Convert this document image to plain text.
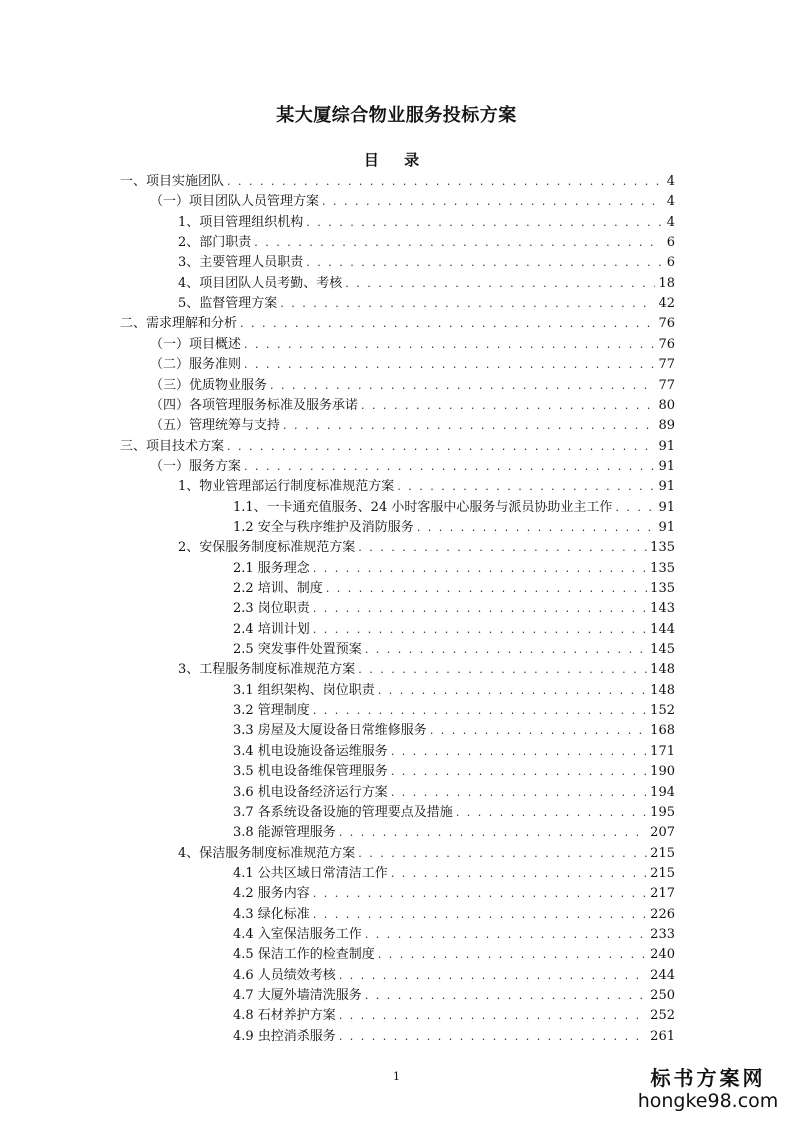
某大厦综合物业服务投标方案
目 录
一、项目实施团队 . . .	4
（一）项目团队人员管理方案 . . .	4
1、项目管理组织机构 . . .	4
2、部门职责 . . .	6
3、主要管理人员职责 . . .	6
4、项目团队人员考勤、考核 . . .	18
5、监督管理方案 . . .	42
二、需求理解和分析 . . .	76
（一）项目概述 . . .	76
（二）服务准则 . . .	77
（三）优质物业服务 . . .	77
（四）各项管理服务标准及服务承诺 . . .	80
（五）管理统筹与支持 . . .	89
三、项目技术方案 . . .	91
（一）服务方案 . . .	91
1、物业管理部运行制度标准规范方案 . . .	91
1.1、一卡通充值服务、24 小时客服中心服务与派员协助业主工作 . . .	91
1.2 安全与秩序维护及消防服务 . . .	91
2、安保服务制度标准规范方案 . . .	135
2.1 服务理念 . . .	135
2.2 培训、制度 . . .	135
2.3 岗位职责 . . .	143
2.4 培训计划 . . .	144
2.5 突发事件处置预案 . . .	145
3、工程服务制度标准规范方案 . . .	148
3.1 组织架构、岗位职责 . . .	148
3.2 管理制度 . . .	152
3.3 房屋及大厦设备日常维修服务 . . .	168
3.4 机电设施设备运维服务 . . .	171
3.5 机电设备维保管理服务 . . .	190
3.6 机电设备经济运行方案 . . .	194
3.7 各系统设备设施的管理要点及措施 . . .	195
3.8 能源管理服务 . . .	207
4、保洁服务制度标准规范方案 . . .	215
4.1 公共区域日常清洁工作 . . .	215
4.2 服务内容 . . .	217
4.3 绿化标准 . . .	226
4.4 入室保洁服务工作 . . .	233
4.5 保洁工作的检查制度 . . .	240
4.6 人员绩效考核 . . .	244
4.7 大厦外墙清洗服务 . . .	250
4.8 石材养护方案 . . .	252
4.9 虫控消杀服务 . . .	261
1	标书方案网
hongke98.com
